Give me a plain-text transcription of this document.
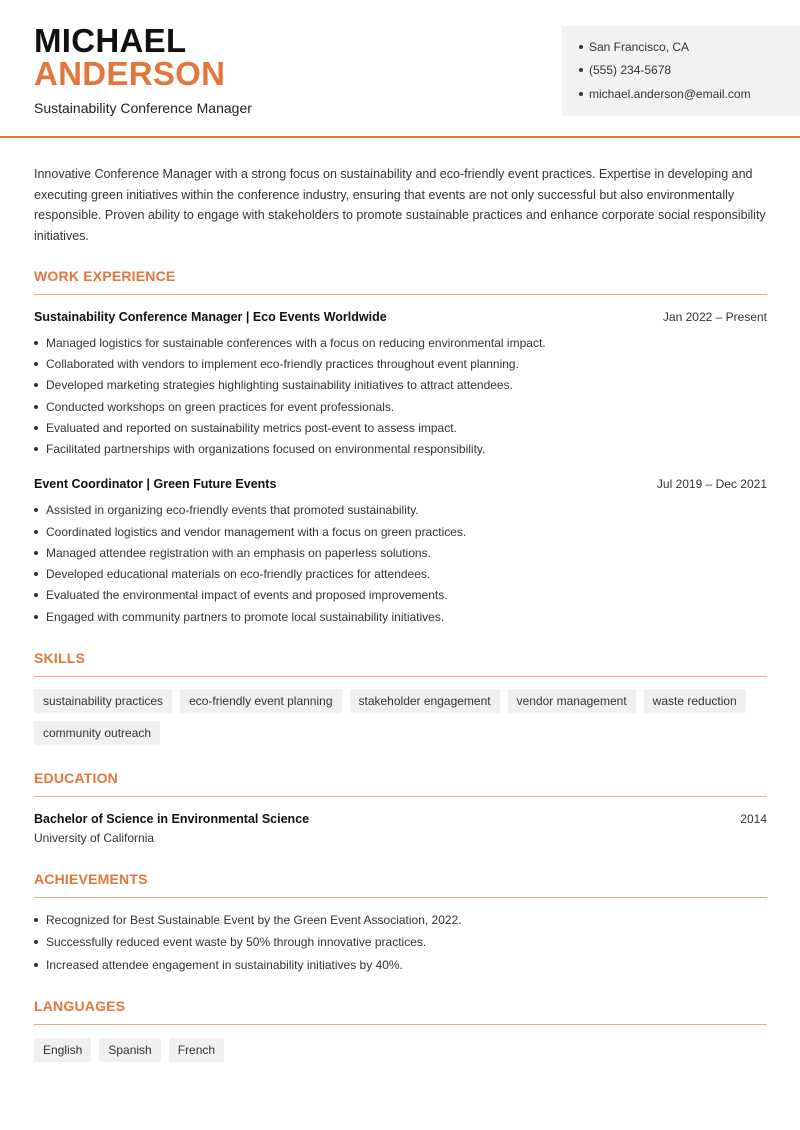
MICHAEL
ANDERSON
Sustainability Conference Manager
San Francisco, CA
(555) 234-5678
michael.anderson@email.com
Innovative Conference Manager with a strong focus on sustainability and eco-friendly event practices. Expertise in developing and executing green initiatives within the conference industry, ensuring that events are not only successful but also environmentally responsible. Proven ability to engage with stakeholders to promote sustainable practices and enhance corporate social responsibility initiatives.
WORK EXPERIENCE
Sustainability Conference Manager | Eco Events Worldwide	Jan 2022 – Present
Managed logistics for sustainable conferences with a focus on reducing environmental impact.
Collaborated with vendors to implement eco-friendly practices throughout event planning.
Developed marketing strategies highlighting sustainability initiatives to attract attendees.
Conducted workshops on green practices for event professionals.
Evaluated and reported on sustainability metrics post-event to assess impact.
Facilitated partnerships with organizations focused on environmental responsibility.
Event Coordinator | Green Future Events	Jul 2019 – Dec 2021
Assisted in organizing eco-friendly events that promoted sustainability.
Coordinated logistics and vendor management with a focus on green practices.
Managed attendee registration with an emphasis on paperless solutions.
Developed educational materials on eco-friendly practices for attendees.
Evaluated the environmental impact of events and proposed improvements.
Engaged with community partners to promote local sustainability initiatives.
SKILLS
sustainability practices	eco-friendly event planning	stakeholder engagement	vendor management	waste reduction
community outreach
EDUCATION
Bachelor of Science in Environmental Science	2014
University of California
ACHIEVEMENTS
Recognized for Best Sustainable Event by the Green Event Association, 2022.
Successfully reduced event waste by 50% through innovative practices.
Increased attendee engagement in sustainability initiatives by 40%.
LANGUAGES
English	Spanish	French
